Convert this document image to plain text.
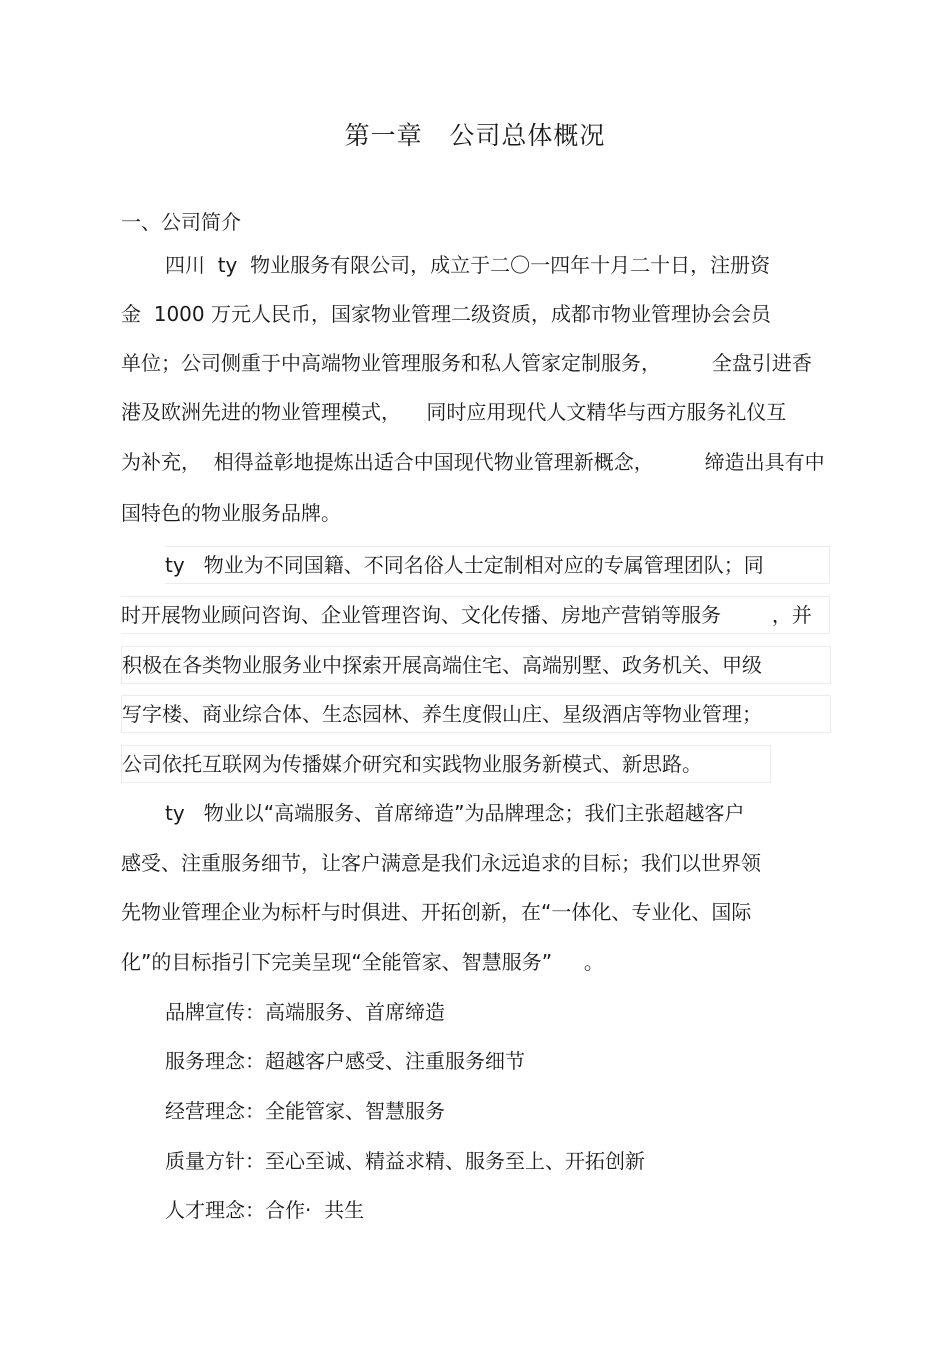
第一章   公司总体概况
一、公司简介
四川  ty  物业服务有限公司，成立于二〇一四年十月二十日，注册资
金  1000 万元人民币，国家物业管理二级资质，成都市物业管理协会会员
单位；公司侧重于中高端物业管理服务和私人管家定制服务，        全盘引进香
港及欧洲先进的物业管理模式，    同时应用现代人文精华与西方服务礼仪互
为补充，  相得益彰地提炼出适合中国现代物业管理新概念，        缔造出具有中
国特色的物业服务品牌。
ty   物业为不同国籍、不同名俗人士定制相对应的专属管理团队；同
时开展物业顾问咨询、企业管理咨询、文化传播、房地产营销等服务        ，并
积极在各类物业服务业中探索开展高端住宅、高端别墅、政务机关、甲级
写字楼、商业综合体、生态园林、养生度假山庄、星级酒店等物业管理；
公司依托互联网为传播媒介研究和实践物业服务新模式、新思路。
ty   物业以“高端服务、首席缔造”为品牌理念；我们主张超越客户
感受、注重服务细节，让客户满意是我们永远追求的目标；我们以世界领
先物业管理企业为标杆与时俱进、开拓创新，在“一体化、专业化、国际
化”的目标指引下完美呈现“全能管家、智慧服务”     。
品牌宣传：高端服务、首席缔造
服务理念：超越客户感受、注重服务细节
经营理念：全能管家、智慧服务
质量方针：至心至诚、精益求精、服务至上、开拓创新
人才理念：合作·  共生
